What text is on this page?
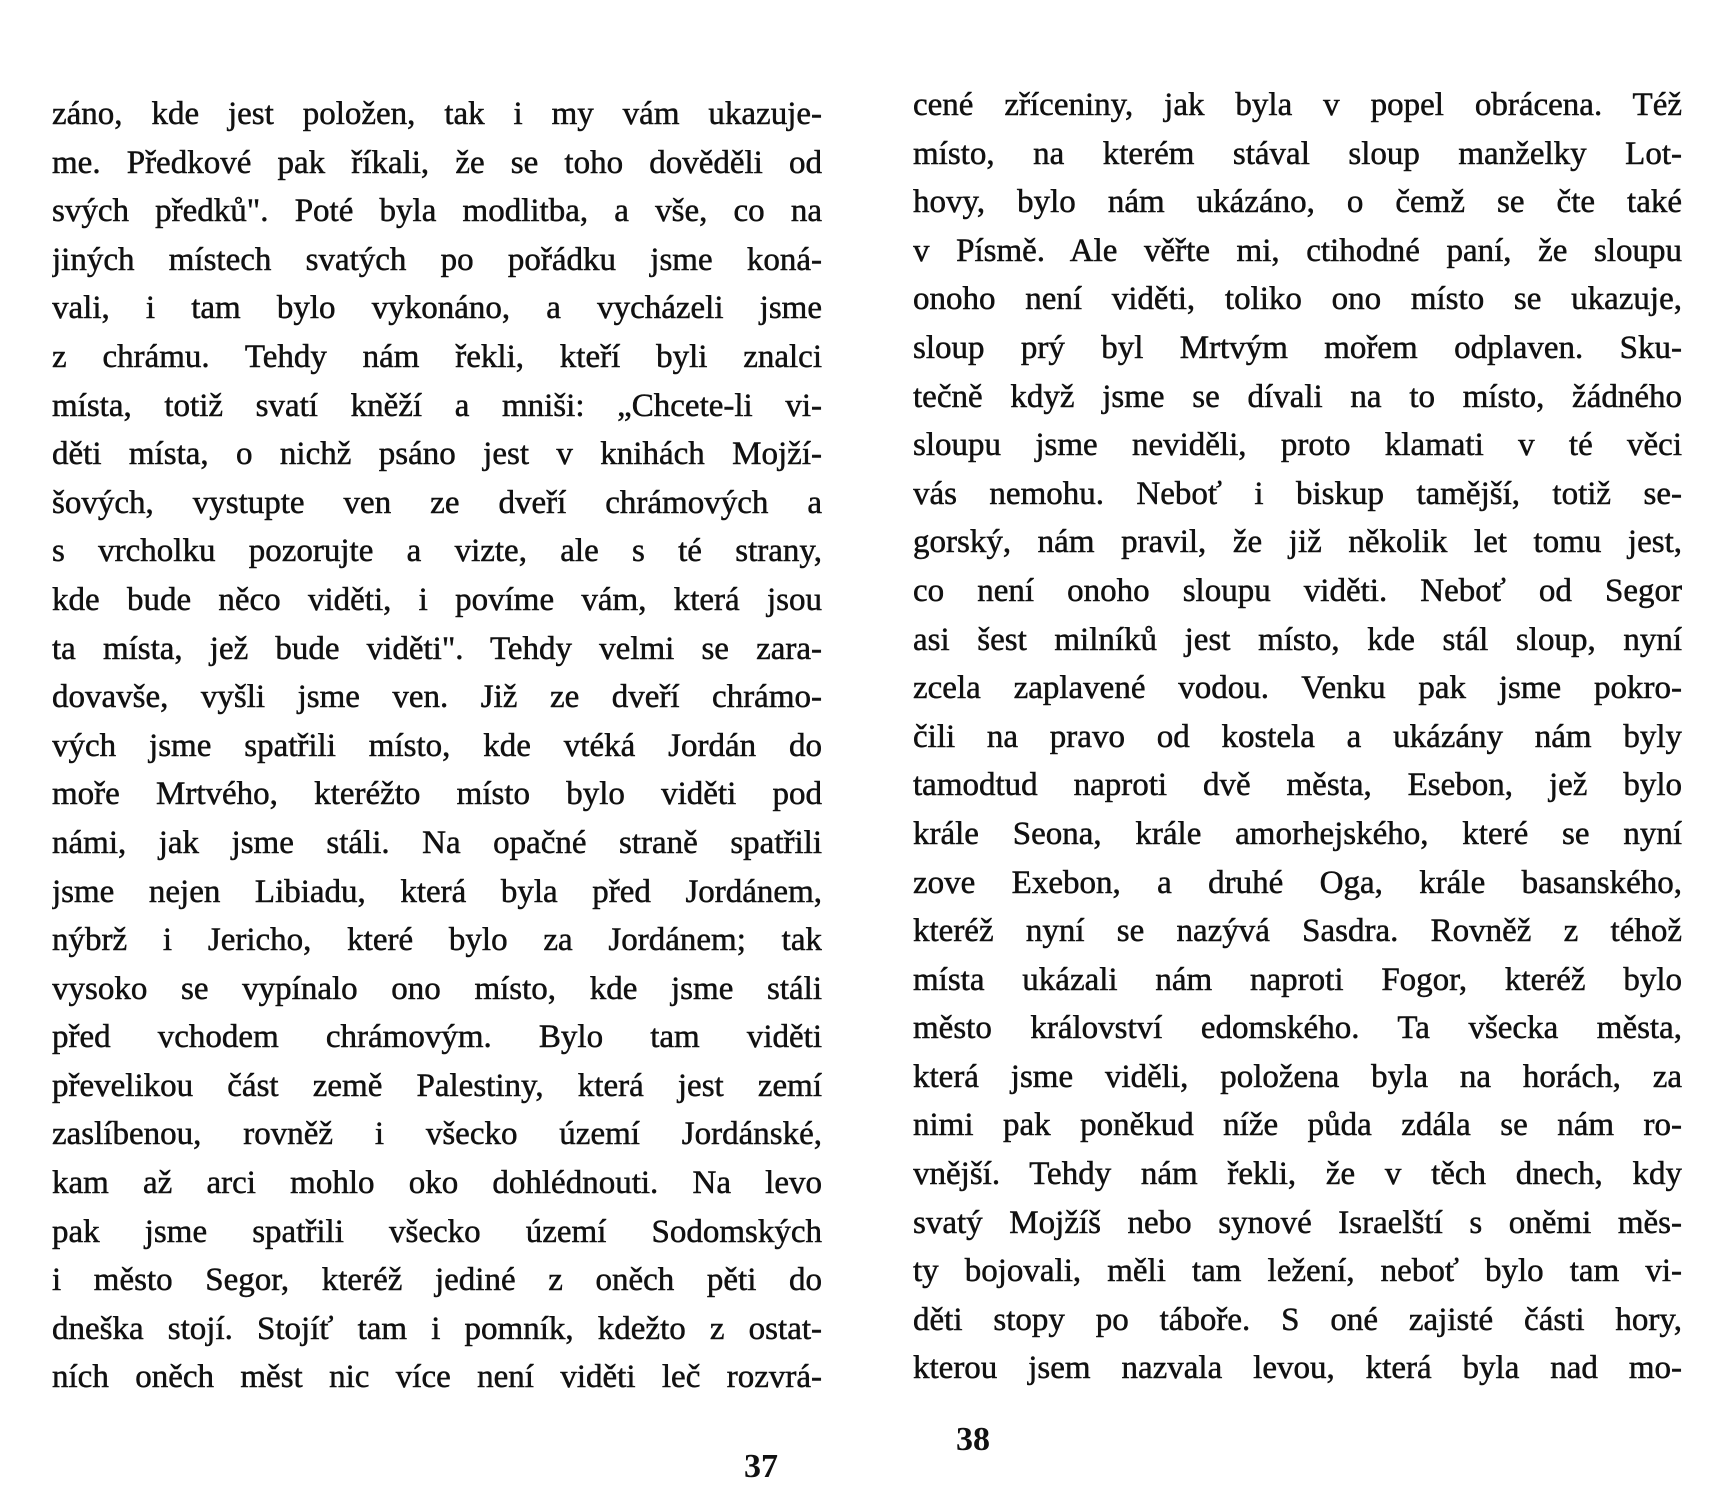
záno, kde jest položen, tak i my vám ukazuje-
me. Předkové pak říkali, že se toho dověděli od
svých předků". Poté byla modlitba, a vše, co na
jiných místech svatých po pořádku jsme koná-
vali, i tam bylo vykonáno, a vycházeli jsme
z chrámu. Tehdy nám řekli, kteří byli znalci
místa, totiž svatí kněží a mniši: „Chcete-li vi-
děti místa, o nichž psáno jest v knihách Mojží-
šových, vystupte ven ze dveří chrámových a
s vrcholku pozorujte a vizte, ale s té strany,
kde bude něco viděti, i povíme vám, která jsou
ta místa, jež bude viděti". Tehdy velmi se zara-
dovavše, vyšli jsme ven. Již ze dveří chrámo-
vých jsme spatřili místo, kde vtéká Jordán do
moře Mrtvého, kteréžto místo bylo viděti pod
námi, jak jsme stáli. Na opačné straně spatřili
jsme nejen Libiadu, která byla před Jordánem,
nýbrž i Jericho, které bylo za Jordánem; tak
vysoko se vypínalo ono místo, kde jsme stáli
před vchodem chrámovým. Bylo tam viděti
převelikou část země Palestiny, která jest zemí
zaslíbenou, rovněž i všecko území Jordánské,
kam až arci mohlo oko dohlédnouti. Na levo
pak jsme spatřili všecko území Sodomských
i město Segor, kteréž jediné z oněch pěti do
dneška stojí. Stojíť tam i pomník, kdežto z ostat-
ních oněch měst nic více není viděti leč rozvrá-
cené zříceniny, jak byla v popel obrácena. Též
místo, na kterém stával sloup manželky Lot-
hovy, bylo nám ukázáno, o čemž se čte také
v Písmě. Ale věřte mi, ctihodné paní, že sloupu
onoho není viděti, toliko ono místo se ukazuje,
sloup prý byl Mrtvým mořem odplaven. Sku-
tečně když jsme se dívali na to místo, žádného
sloupu jsme neviděli, proto klamati v té věci
vás nemohu. Neboť i biskup tamější, totiž se-
gorský, nám pravil, že již několik let tomu jest,
co není onoho sloupu viděti. Neboť od Segor
asi šest milníků jest místo, kde stál sloup, nyní
zcela zaplavené vodou. Venku pak jsme pokro-
čili na pravo od kostela a ukázány nám byly
tamodtud naproti dvě města, Esebon, jež bylo
krále Seona, krále amorhejského, které se nyní
zove Exebon, a druhé Oga, krále basanského,
kteréž nyní se nazývá Sasdra. Rovněž z téhož
místa ukázali nám naproti Fogor, kteréž bylo
město království edomského. Ta všecka města,
která jsme viděli, položena byla na horách, za
nimi pak poněkud níže půda zdála se nám ro-
vnější. Tehdy nám řekli, že v těch dnech, kdy
svatý Mojžíš nebo synové Israelští s oněmi měs-
ty bojovali, měli tam ležení, neboť bylo tam vi-
děti stopy po táboře. S oné zajisté části hory,
kterou jsem nazvala levou, která byla nad mo-
37
38
